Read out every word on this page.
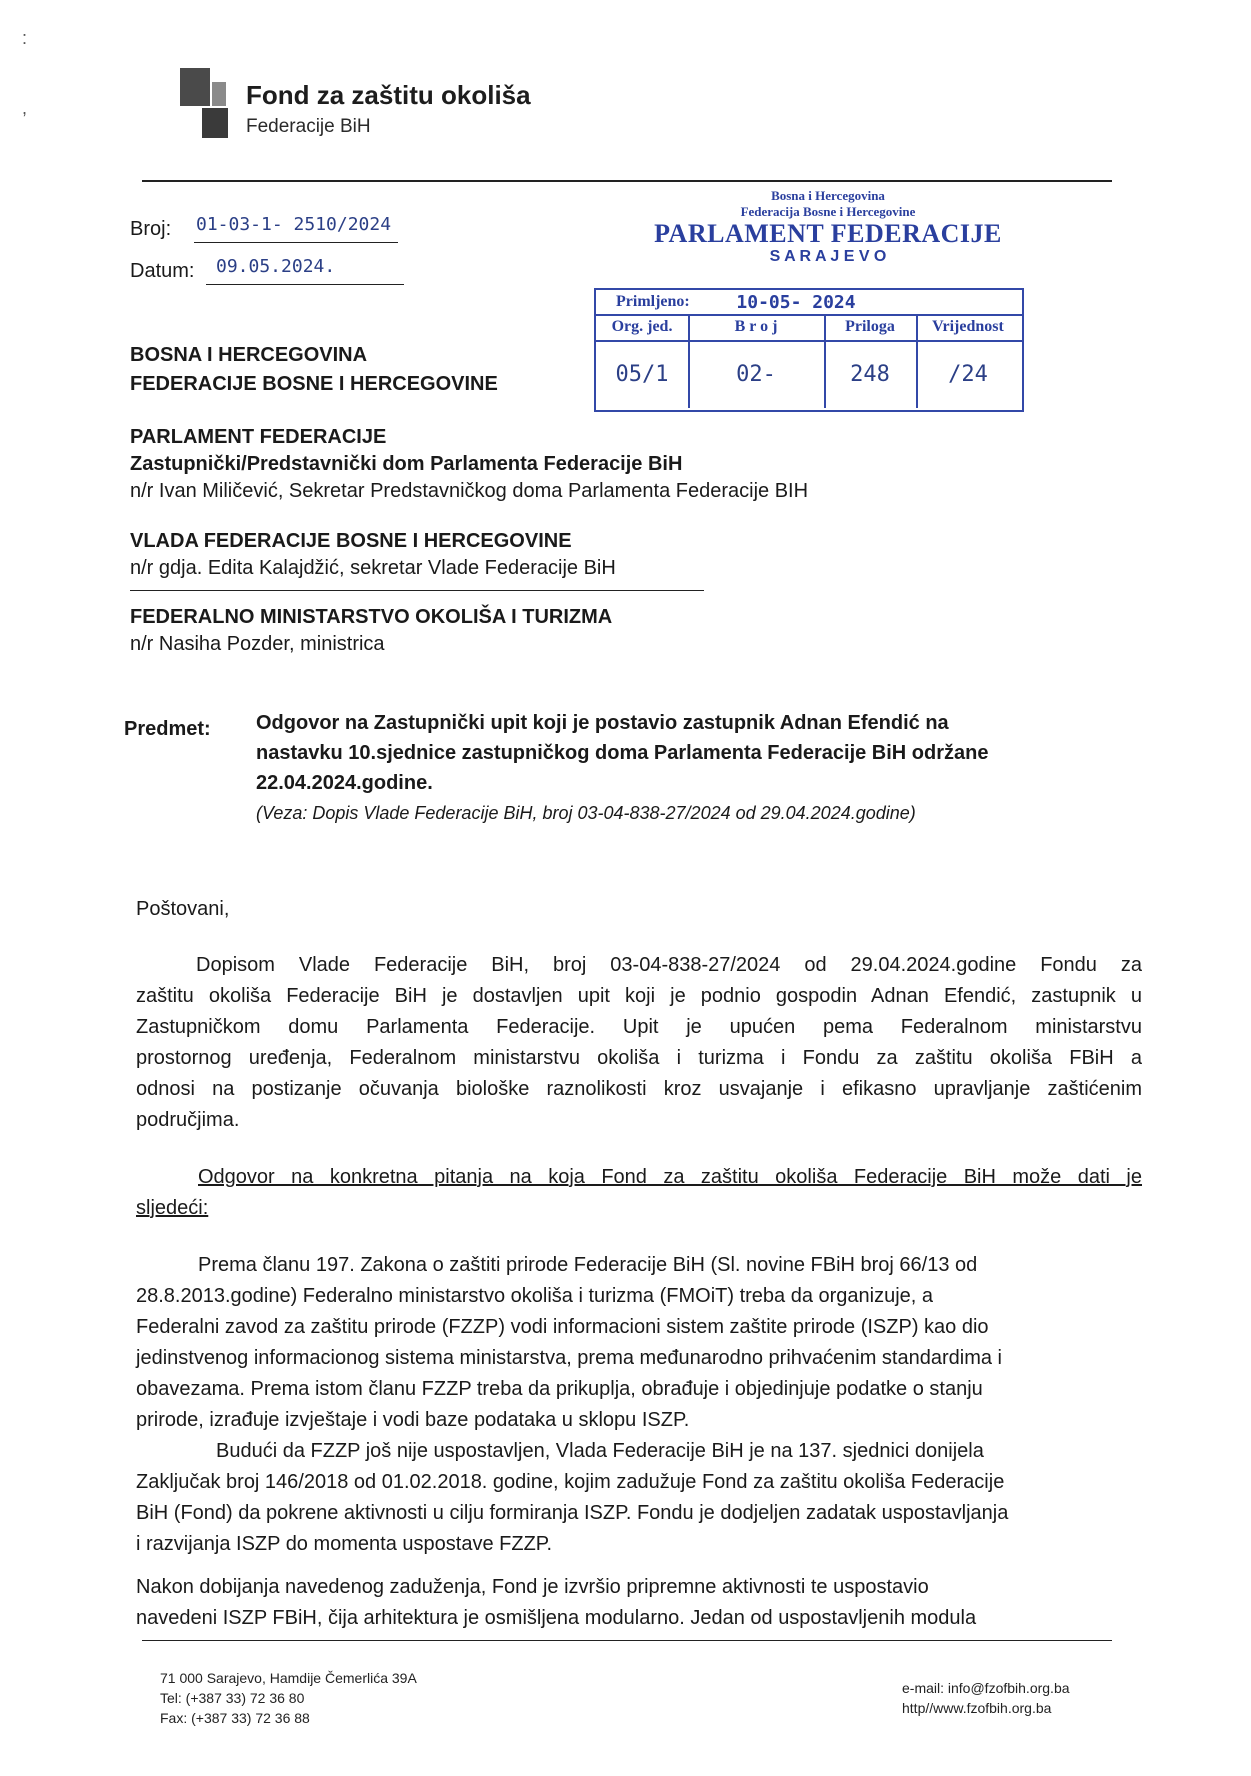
:
,	Fond za zaštitu okoliša
Federacije BiH
Broj: 01-03-1- 2510/2024
Datum: 09.05.2024.
Bosna i Hercegovina
Federacija Bosne i Hercegovine
PARLAMENT FEDERACIJE
S A R A J E V O
Primljeno:	10-05- 2024
Org. jed.	B r o j	Priloga	Vrijednost
05/1	02-	248	/24
BOSNA I HERCEGOVINA
FEDERACIJE BOSNE I HERCEGOVINE
PARLAMENT FEDERACIJE
Zastupnički/Predstavnički dom Parlamenta Federacije BiH
n/r Ivan Miličević, Sekretar Predstavničkog doma Parlamenta Federacije BIH
VLADA FEDERACIJE BOSNE I HERCEGOVINE
n/r gdja. Edita Kalajdžić, sekretar Vlade Federacije BiH
FEDERALNO MINISTARSTVO OKOLIŠA I TURIZMA
n/r Nasiha Pozder, ministrica
Predmet: Odgovor na Zastupnički upit koji je postavio zastupnik Adnan Efendić na
nastavku 10.sjednice zastupničkog doma Parlamenta Federacije BiH održane
22.04.2024.godine.
(Veza: Dopis Vlade Federacije BiH, broj 03-04-838-27/2024 od 29.04.2024.godine)
Poštovani,
Dopisom Vlade Federacije BiH, broj 03-04-838-27/2024 od 29.04.2024.godine Fondu za
zaštitu okoliša Federacije BiH je dostavljen upit koji je podnio gospodin Adnan Efendić, zastupnik u
Zastupničkom domu Parlamenta Federacije. Upit je upućen pema Federalnom ministarstvu
prostornog uređenja, Federalnom ministarstvu okoliša i turizma i Fondu za zaštitu okoliša FBiH a
odnosi na postizanje očuvanja biološke raznolikosti kroz usvajanje i efikasno upravljanje zaštićenim
područjima.
Odgovor na konkretna pitanja na koja Fond za zaštitu okoliša Federacije BiH može dati je
sljedeći:
Prema članu 197. Zakona o zaštiti prirode Federacije BiH (Sl. novine FBiH broj 66/13 od
28.8.2013.godine) Federalno ministarstvo okoliša i turizma (FMOiT) treba da organizuje, a
Federalni zavod za zaštitu prirode (FZZP) vodi informacioni sistem zaštite prirode (ISZP) kao dio
jedinstvenog informacionog sistema ministarstva, prema međunarodno prihvaćenim standardima i
obavezama. Prema istom članu FZZP treba da prikuplja, obrađuje i objedinjuje podatke o stanju
prirode, izrađuje izvještaje i vodi baze podataka u sklopu ISZP.
Budući da FZZP još nije uspostavljen, Vlada Federacije BiH je na 137. sjednici donijela
Zaključak broj 146/2018 od 01.02.2018. godine, kojim zadužuje Fond za zaštitu okoliša Federacije
BiH (Fond) da pokrene aktivnosti u cilju formiranja ISZP. Fondu je dodjeljen zadatak uspostavljanja
i razvijanja ISZP do momenta uspostave FZZP.
Nakon dobijanja navedenog zaduženja, Fond je izvršio pripremne aktivnosti te uspostavio
navedeni ISZP FBiH, čija arhitektura je osmišljena modularno. Jedan od uspostavljenih modula
71 000 Sarajevo, Hamdije Čemerlića 39A
Tel: (+387 33) 72 36 80
Fax: (+387 33) 72 36 88
e-mail: info@fzofbih.org.ba
http//www.fzofbih.org.ba
